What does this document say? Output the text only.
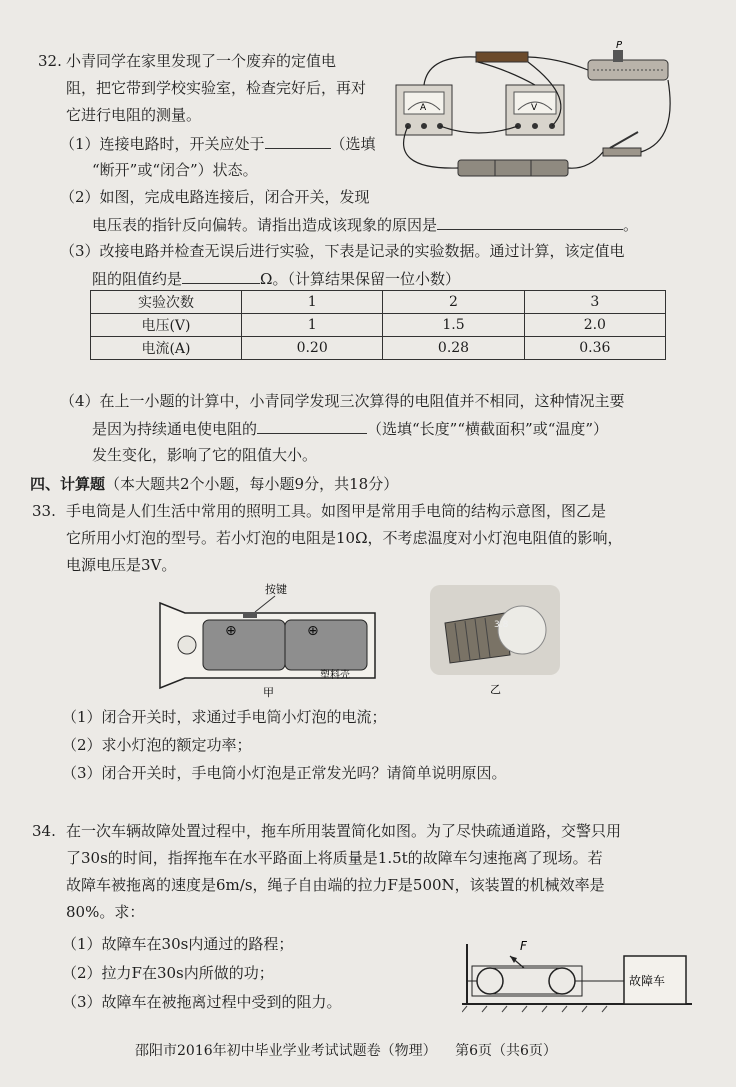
32. 小青同学在家里发现了一个废弃的定值电
阻，把它带到学校实验室，检查完好后，再对
它进行电阻的测量。
（1）连接电路时，开关应处于	（选填
“断开”或“闭合”）状态。
（2）如图，完成电路连接后，闭合开关，发现
电压表的指针反向偏转。请指出造成该现象的原因是	。
（3）改接电路并检查无误后进行实验，下表是记录的实验数据。通过计算，该定值电
阻的阻值约是	Ω。（计算结果保留一位小数）
P
A	V
实验次数	1	2	3
电压(V)	1	1.5	2.0
电流(A)	0.20	0.28	0.36
（4）在上一小题的计算中，小青同学发现三次算得的电阻值并不相同，这种情况主要
是因为持续通电使电阻的	（选填“长度”“横截面积”或“温度”）
发生变化，影响了它的阻值大小。
四、计算题（本大题共2个小题，每小题9分，共18分）
33. 手电筒是人们生活中常用的照明工具。如图甲是常用手电筒的结构示意图，图乙是
它所用小灯泡的型号。若小灯泡的电阻是10Ω，不考虑温度对小灯泡电阻值的影响，
电源电压是3V。
按键
⊕	⊕
塑料壳
甲
3.8
乙
（1）闭合开关时，求通过手电筒小灯泡的电流；
（2）求小灯泡的额定功率；
（3）闭合开关时，手电筒小灯泡是正常发光吗？请简单说明原因。
34. 在一次车辆故障处置过程中，拖车所用装置简化如图。为了尽快疏通道路，交警只用
了30s的时间，指挥拖车在水平路面上将质量是1.5t的故障车匀速拖离了现场。若
故障车被拖离的速度是6m/s，绳子自由端的拉力F是500N，该装置的机械效率是
80%。求：
（1）故障车在30s内通过的路程；
（2）拉力F在30s内所做的功；
（3）故障车在被拖离过程中受到的阻力。
F
故障车
邵阳市2016年初中毕业学业考试试题卷（物理） 第6页（共6页）
